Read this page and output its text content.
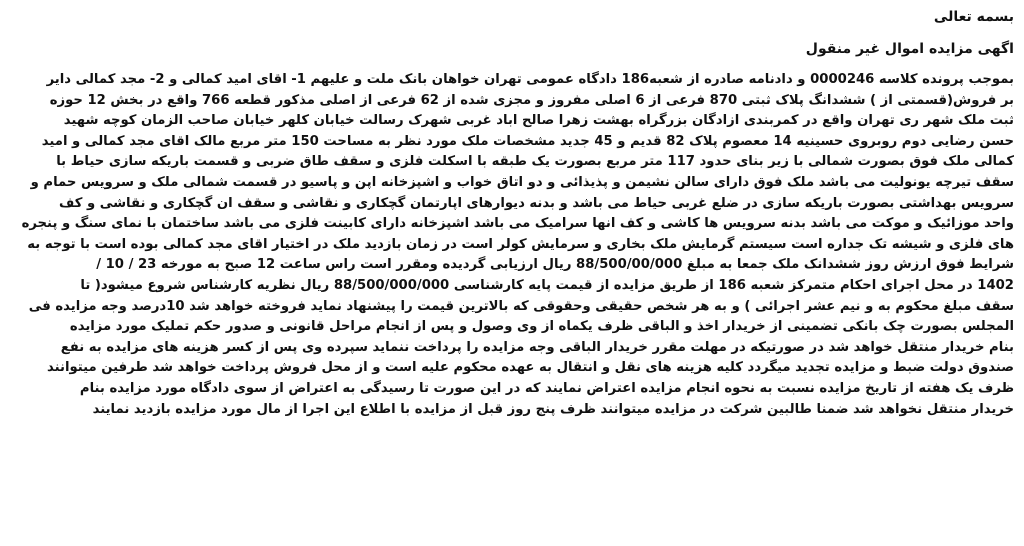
بسمه تعالی
اگهی مزایده اموال غیر منقول
بموجب پرونده کلاسه 0000246 و دادنامه صادره از شعبه186 دادگاه عمومی تهران خواهان بانک ملت و علیهم 1- اقای امید کمالی و 2- مجد کمالی دایر
بر فروش(قسمتی از ) ششدانگ پلاک ثبتی 870 فرعی از 6 اصلی مفروز و مجزی شده از 62 فرعی از اصلی مذکور قطعه 766 واقع در بخش 12 حوزه
ثبت ملک شهر ری تهران واقع در کمربندی ازادگان بزرگراه بهشت زهرا صالح اباد غربی شهرک رسالت خیابان کلهر خیابان صاحب الزمان کوچه شهید
حسن رضایی دوم روبروی حسینیه 14 معصوم پلاک 82 قدیم و 45 جدید مشخصات ملک مورد نظر به مساحت 150 متر مربع مالک اقای مجد کمالی و امید
کمالی ملک فوق بصورت شمالی با زیر بنای حدود 117 متر مربع بصورت یک طبقه با اسکلت فلزی و سقف طاق ضربی و قسمت باریکه سازی حیاط با
سقف تیرچه یونولیت می باشد ملک فوق دارای سالن نشیمن و پذیذائی و دو اتاق خواب و اشپزخانه اپن و پاسیو در قسمت شمالی ملک و سرویس حمام و
سرویس بهداشتی بصورت باریکه سازی در ضلع غربی حیاط می باشد و بدنه دیوارهای اپارتمان گچکاری و نقاشی و سقف ان گچکاری و نقاشی و کف
واحد موزائیک و موکت می باشد بدنه سرویس ها کاشی و کف انها سرامیک می باشد اشپزخانه دارای کابینت فلزی می باشد ساختمان با نمای سنگ و پنجره
های فلزی و شیشه تک جداره است سیستم گرمایش ملک بخاری و سرمایش کولر است در زمان بازدید ملک در اختیار اقای مجد کمالی بوده است با توجه به
شرایط فوق ارزش روز ششدانک ملک جمعا به مبلغ 88/500/00/000 ریال ارزیابی گردیده ومقرر است راس ساعت 12 صبح به مورخه 23 / 10 /
1402 در محل اجرای احکام متمرکز شعبه 186 از طریق مزایده از قیمت پایه کارشناسی 88/500/000/000 ریال نظریه کارشناس شروع میشود( تا
سقف مبلغ محکوم به و نیم عشر اجرائی ) و به هر شخص حقیقی وحقوقی که بالاترین قیمت را پیشنهاد نماید فروخته خواهد شد 10درصد وجه مزایده فی
المجلس بصورت چک بانکی تضمینی از خریدار اخذ و الباقی ظرف یکماه از وی وصول و پس از انجام مراحل قانونی و صدور حکم تملیک مورد مزایده
بنام خریدار منتقل خواهد شد در صورتیکه در مهلت مقرر خریدار الباقی وجه مزایده را پرداخت ننماید سپرده وی پس از کسر هزینه های مزایده به نفع
صندوق دولت ضبط و مزایده تجدید میگردد کلیه هزینه های نقل و انتقال به عهده محکوم علیه است و از محل فروش پرداخت خواهد شد طرفین میتوانند
ظرف یک هفته از تاریخ مزایده نسبت به نحوه انجام مزایده اعتراض نمایند که در این صورت تا رسیدگی به اعتراض از سوی دادگاه مورد مزایده بنام
خریدار منتقل نخواهد شد ضمنا طالبین شرکت در مزایده میتوانند ظرف پنج روز قبل از مزایده با اطلاع این اجرا از مال مورد مزایده بازدید نمایند
